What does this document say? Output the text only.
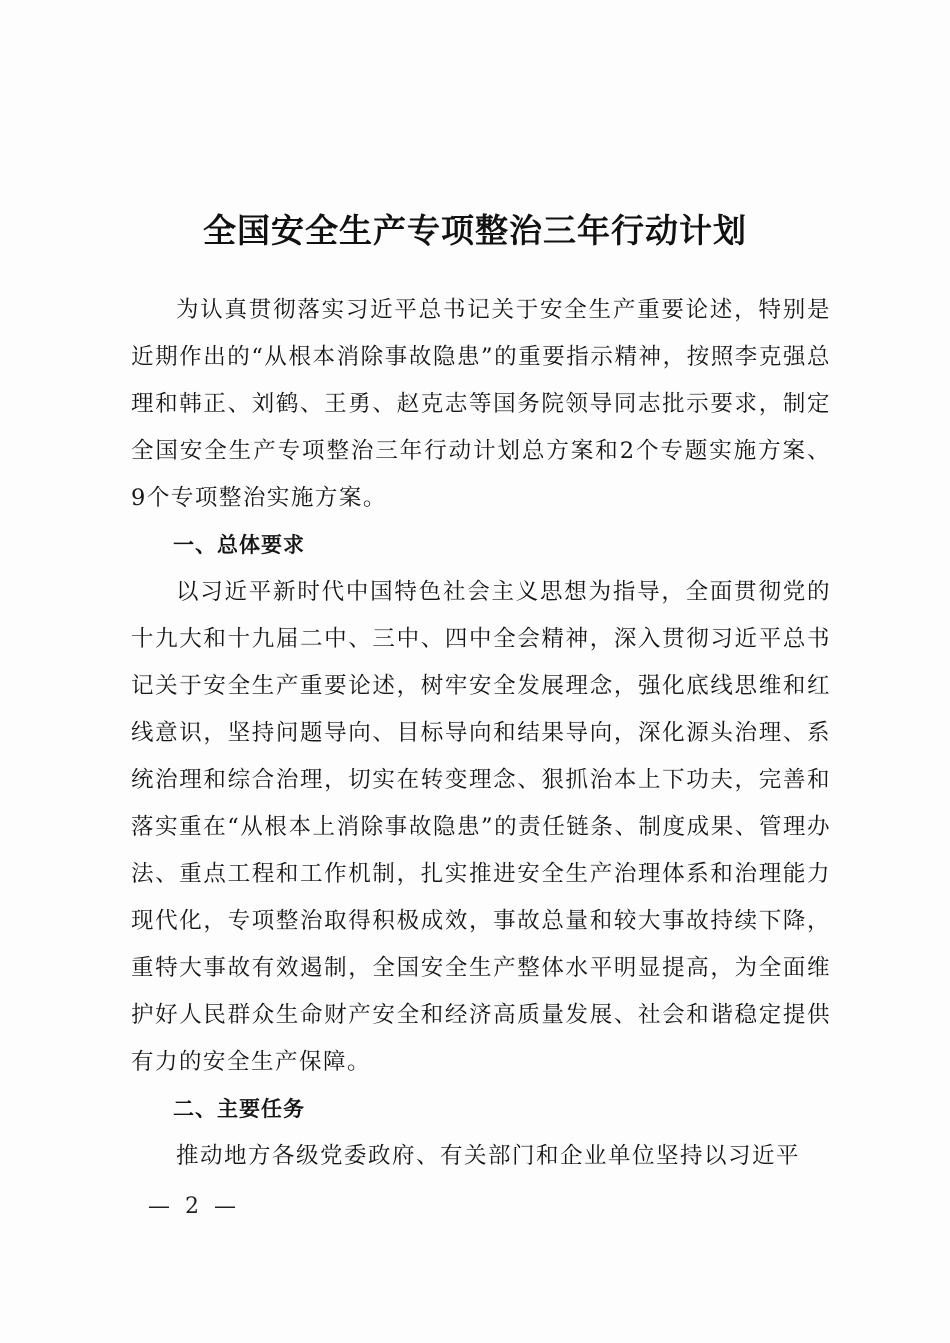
全国安全生产专项整治三年行动计划

为认真贯彻落实习近平总书记关于安全生产重要论述，特别是近期作出的“从根本消除事故隐患”的重要指示精神，按照李克强总理和韩正、刘鹤、王勇、赵克志等国务院领导同志批示要求，制定全国安全生产专项整治三年行动计划总方案和2个专题实施方案、9个专项整治实施方案。

一、总体要求

以习近平新时代中国特色社会主义思想为指导，全面贯彻党的十九大和十九届二中、三中、四中全会精神，深入贯彻习近平总书记关于安全生产重要论述，树牢安全发展理念，强化底线思维和红线意识，坚持问题导向、目标导向和结果导向，深化源头治理、系统治理和综合治理，切实在转变理念、狠抓治本上下功夫，完善和落实重在“从根本上消除事故隐患”的责任链条、制度成果、管理办法、重点工程和工作机制，扎实推进安全生产治理体系和治理能力现代化，专项整治取得积极成效，事故总量和较大事故持续下降，重特大事故有效遏制，全国安全生产整体水平明显提高，为全面维护好人民群众生命财产安全和经济高质量发展、社会和谐稳定提供有力的安全生产保障。

二、主要任务

推动地方各级党委政府、有关部门和企业单位坚持以习近平

— 2 —
